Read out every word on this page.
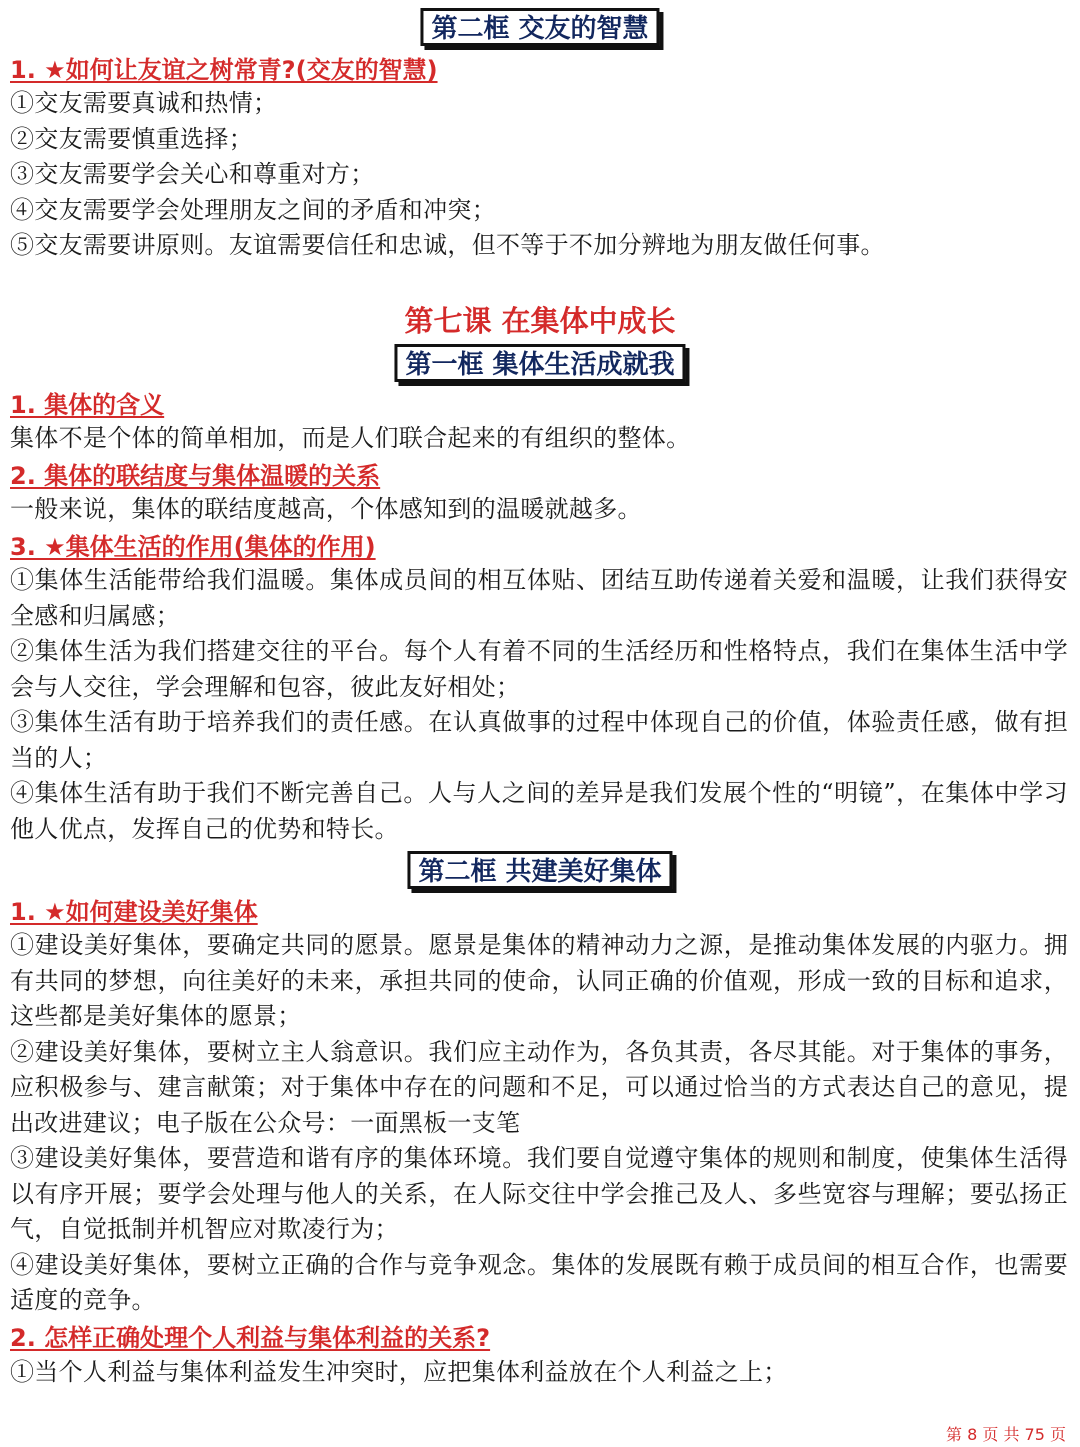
第二框 交友的智慧
1. ★如何让友谊之树常青?(交友的智慧)
①交友需要真诚和热情；
②交友需要慎重选择；
③交友需要学会关心和尊重对方；
④交友需要学会处理朋友之间的矛盾和冲突；
⑤交友需要讲原则。友谊需要信任和忠诚，但不等于不加分辨地为朋友做任何事。
第七课 在集体中成长
第一框 集体生活成就我
1. 集体的含义
集体不是个体的简单相加，而是人们联合起来的有组织的整体。
2. 集体的联结度与集体温暖的关系
一般来说，集体的联结度越高，个体感知到的温暖就越多。
3. ★集体生活的作用(集体的作用)
①集体生活能带给我们温暖。集体成员间的相互体贴、团结互助传递着关爱和温暖，让我们获得安全感和归属感；
②集体生活为我们搭建交往的平台。每个人有着不同的生活经历和性格特点，我们在集体生活中学会与人交往，学会理解和包容，彼此友好相处；
③集体生活有助于培养我们的责任感。在认真做事的过程中体现自己的价值，体验责任感，做有担当的人；
④集体生活有助于我们不断完善自己。人与人之间的差异是我们发展个性的“明镜”，在集体中学习他人优点，发挥自己的优势和特长。
第二框 共建美好集体
1. ★如何建设美好集体
①建设美好集体，要确定共同的愿景。愿景是集体的精神动力之源，是推动集体发展的内驱力。拥有共同的梦想，向往美好的未来，承担共同的使命，认同正确的价值观，形成一致的目标和追求，这些都是美好集体的愿景；
②建设美好集体，要树立主人翁意识。我们应主动作为，各负其责，各尽其能。对于集体的事务，应积极参与、建言献策；对于集体中存在的问题和不足，可以通过恰当的方式表达自己的意见，提出改进建议；电子版在公众号：一面黑板一支笔
③建设美好集体，要营造和谐有序的集体环境。我们要自觉遵守集体的规则和制度，使集体生活得以有序开展；要学会处理与他人的关系，在人际交往中学会推己及人、多些宽容与理解；要弘扬正气，自觉抵制并机智应对欺凌行为；
④建设美好集体，要树立正确的合作与竞争观念。集体的发展既有赖于成员间的相互合作，也需要适度的竞争。
2. 怎样正确处理个人利益与集体利益的关系?
①当个人利益与集体利益发生冲突时，应把集体利益放在个人利益之上；
第 8 页 共 75 页
